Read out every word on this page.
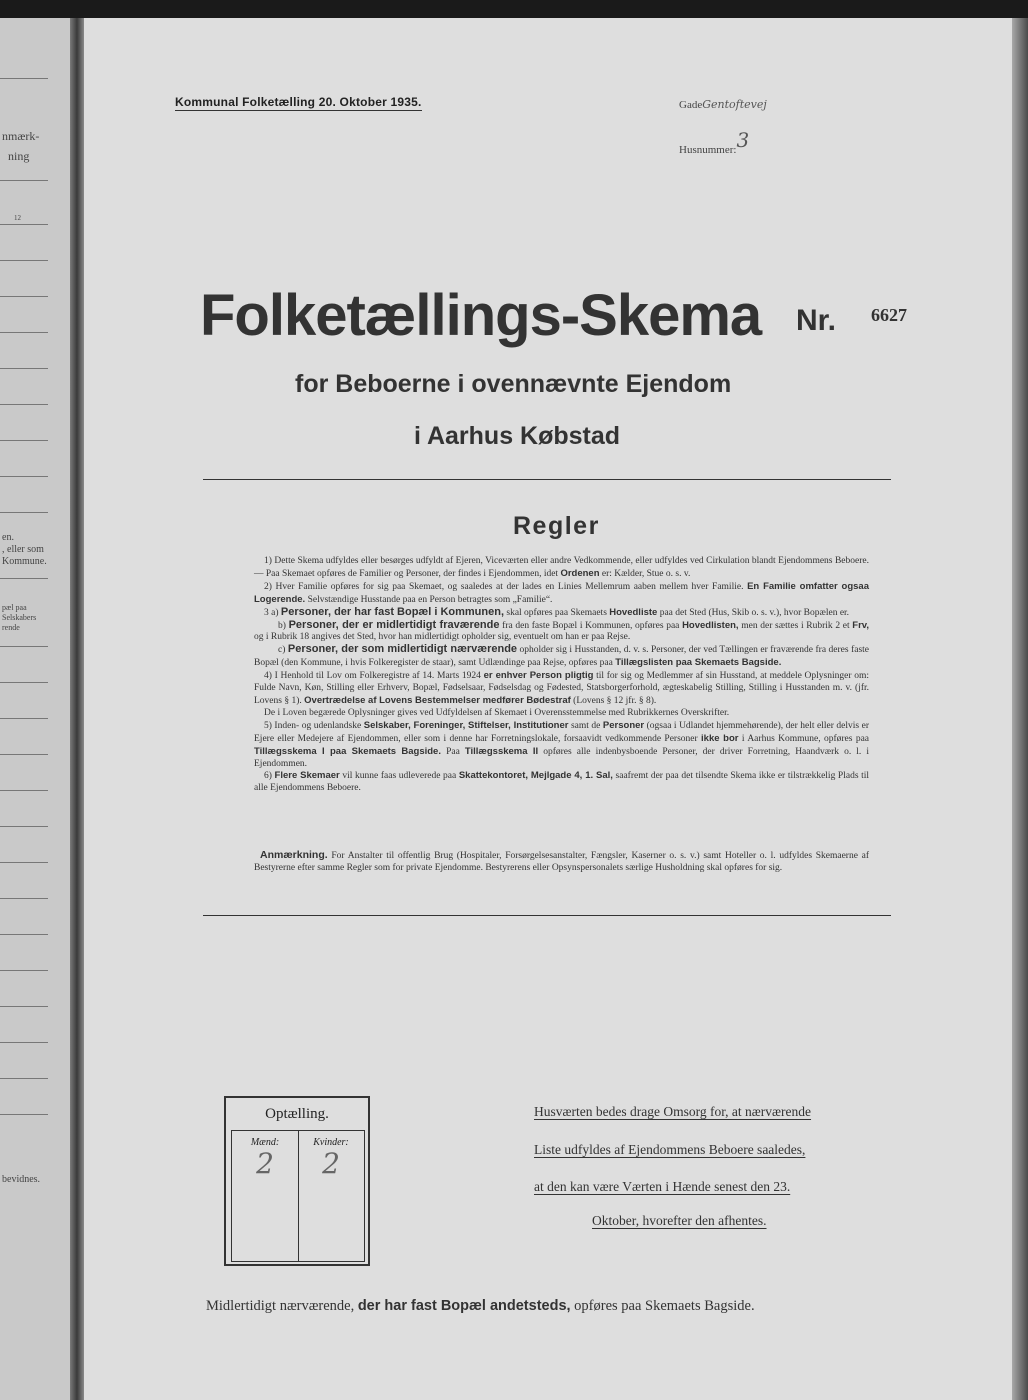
nmærk-
ning
12
en.
, eller som
Kommune.
pæl paa
Selskabers
rende
bevidnes.
Kommunal Folketælling 20. Oktober 1935.	GadeGentoftevej
Husnummer:3
Folketællings-Skema Nr. 6627
for Beboerne i ovennævnte Ejendom
i Aarhus Købstad
Regler

1) Dette Skema udfyldes eller besørges udfyldt af Ejeren, Viceværten eller andre Vedkommende, eller udfyldes ved Cirkulation blandt Ejendommens Beboere. — Paa Skemaet opføres de Familier og Personer, der findes i Ejendommen, idet Ordenen er: Kælder, Stue o. s. v.

2) Hver Familie opføres for sig paa Skemaet, og saaledes at der lades en Linies Mellemrum aaben mellem hver Familie. En Familie omfatter ogsaa Logerende. Selvstændige Husstande paa en Person betragtes som „Familie“.

3 a) Personer, der har fast Bopæl i Kommunen, skal opføres paa Skemaets Hovedliste paa det Sted (Hus, Skib o. s. v.), hvor Bopælen er.

b) Personer, der er midlertidigt fraværende fra den faste Bopæl i Kommunen, opføres paa Hovedlisten, men der sættes i Rubrik 2 et Frv, og i Rubrik 18 angives det Sted, hvor han midlertidigt opholder sig, eventuelt om han er paa Rejse.

c) Personer, der som midlertidigt nærværende opholder sig i Husstanden, d. v. s. Personer, der ved Tællingen er fraværende fra deres faste Bopæl (den Kommune, i hvis Folkeregister de staar), samt Udlændinge paa Rejse, opføres paa Tillægslisten paa Skemaets Bagside.

4) I Henhold til Lov om Folkeregistre af 14. Marts 1924 er enhver Person pligtig til for sig og Medlemmer af sin Husstand, at meddele Oplysninger om: Fulde Navn, Køn, Stilling eller Erhverv, Bopæl, Fødselsaar, Fødselsdag og Fødested, Statsborgerforhold, ægteskabelig Stilling, Stilling i Husstanden m. v. (jfr. Lovens § 1). Overtrædelse af Lovens Bestemmelser medfører Bødestraf (Lovens § 12 jfr. § 8).

De i Loven begærede Oplysninger gives ved Udfyldelsen af Skemaet i Overensstemmelse med Rubrikkernes Overskrifter.

5) Inden- og udenlandske Selskaber, Foreninger, Stiftelser, Institutioner samt de Personer (ogsaa i Udlandet hjemmehørende), der helt eller delvis er Ejere eller Medejere af Ejendommen, eller som i denne har Forretningslokale, forsaavidt vedkommende Personer ikke bor i Aarhus Kommune, opføres paa Tillægsskema I paa Skemaets Bagside. Paa Tillægsskema II opføres alle indenbysboende Personer, der driver Forretning, Haandværk o. l. i Ejendommen.

6) Flere Skemaer vil kunne faas udleverede paa Skattekontoret, Mejlgade 4, 1. Sal, saafremt der paa det tilsendte Skema ikke er tilstrækkelig Plads til alle Ejendommens Beboere.

Anmærkning. For Anstalter til offentlig Brug (Hospitaler, Forsørgelsesanstalter, Fængsler, Kaserner o. s. v.) samt Hoteller o. l. udfyldes Skemaerne af Bestyrerne efter samme Regler som for private Ejendomme. Bestyrerens eller Opsynspersonalets særlige Husholdning skal opføres for sig.

Optælling.
Mænd:
2
Kvinder:
2
Husværten bedes drage Omsorg for, at nærværende
Liste udfyldes af Ejendommens Beboere saaledes,
at den kan være Værten i Hænde senest den 23.
Oktober, hvorefter den afhentes.
Midlertidigt nærværende, der har fast Bopæl andetsteds, opføres paa Skemaets Bagside.
